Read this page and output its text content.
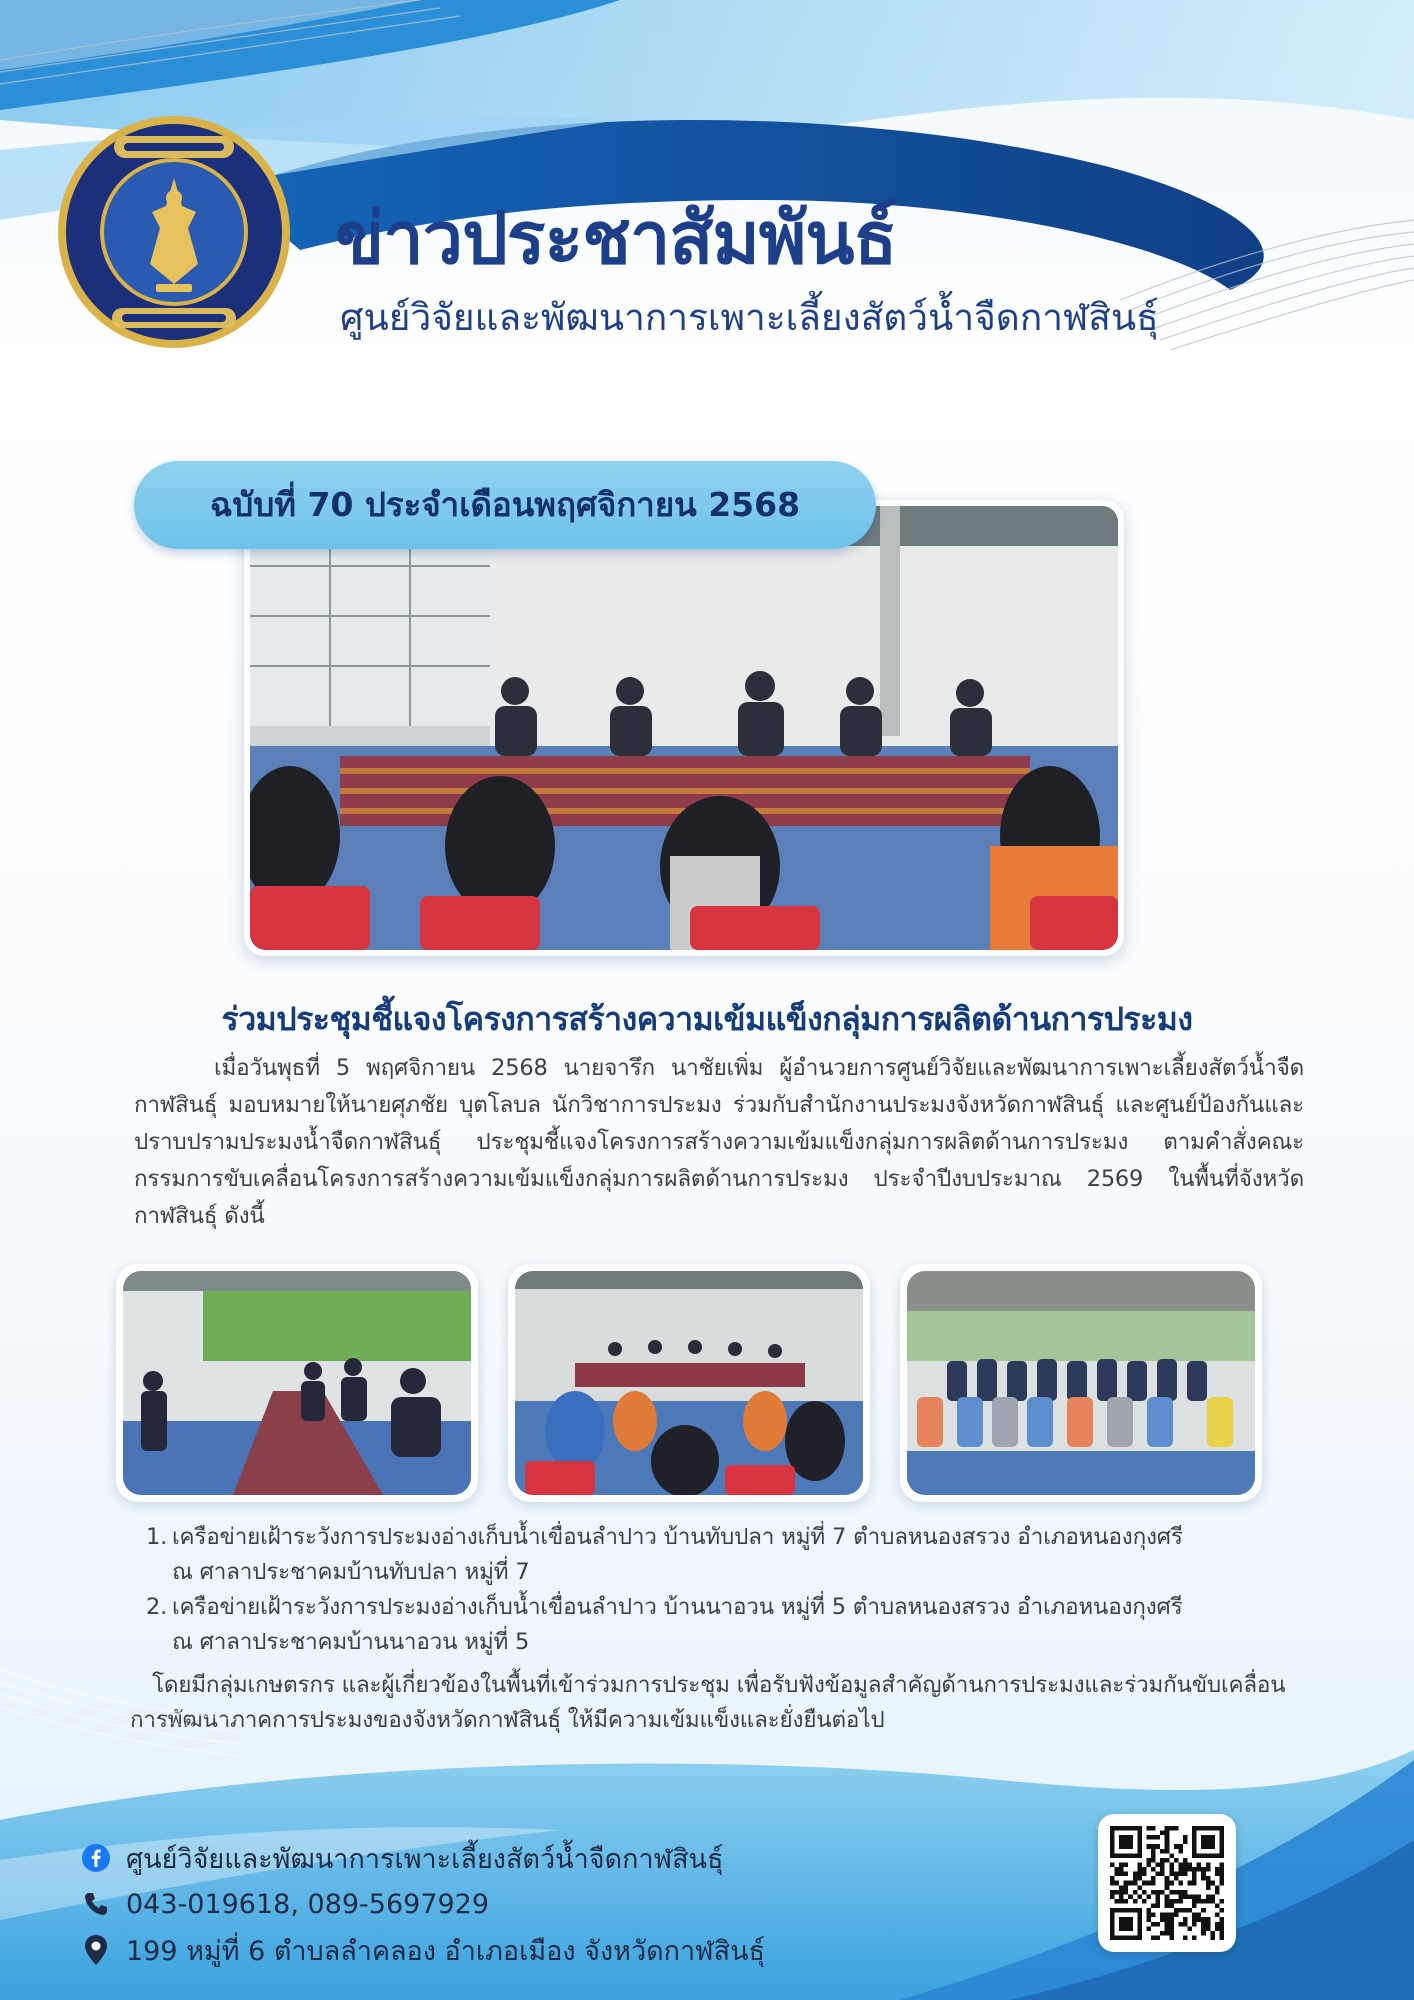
ข่าวประชาสัมพันธ์

ศูนย์วิจัยและพัฒนาการเพาะเลี้ยงสัตว์น้ำจืดกาฬสินธุ์

ฉบับที่ 70 ประจำเดือนพฤศจิกายน 2568
ร่วมประชุมชี้แจงโครงการสร้างความเข้มแข็งกลุ่มการผลิตด้านการประมง

เมื่อวันพุธที่ 5 พฤศจิกายน 2568 นายจารึก นาชัยเพิ่ม ผู้อำนวยการศูนย์วิจัยและพัฒนาการเพาะเลี้ยงสัตว์น้ำจืดกาฬสินธุ์ มอบหมายให้นายศุภชัย บุตโลบล นักวิชาการประมง ร่วมกับสำนักงานประมงจังหวัดกาฬสินธุ์ และศูนย์ป้องกันและปราบปรามประมงน้ำจืดกาฬสินธุ์ ประชุมชี้แจงโครงการสร้างความเข้มแข็งกลุ่มการผลิตด้านการประมง ตามคำสั่งคณะกรรมการขับเคลื่อนโครงการสร้างความเข้มแข็งกลุ่มการผลิตด้านการประมง ประจำปีงบประมาณ 2569 ในพื้นที่จังหวัดกาฬสินธุ์ ดังนี้

1. เครือข่ายเฝ้าระวังการประมงอ่างเก็บน้ำเขื่อนลำปาว บ้านทับปลา หมู่ที่ 7 ตำบลหนองสรวง อำเภอหนองกุงศรี
ณ ศาลาประชาคมบ้านทับปลา หมู่ที่ 7
2. เครือข่ายเฝ้าระวังการประมงอ่างเก็บน้ำเขื่อนลำปาว บ้านนาอวน หมู่ที่ 5 ตำบลหนองสรวง อำเภอหนองกุงศรี
ณ ศาลาประชาคมบ้านนาอวน หมู่ที่ 5

โดยมีกลุ่มเกษตรกร และผู้เกี่ยวข้องในพื้นที่เข้าร่วมการประชุม เพื่อรับฟังข้อมูลสำคัญด้านการประมงและร่วมกันขับเคลื่อนการพัฒนาภาคการประมงของจังหวัดกาฬสินธุ์ ให้มีความเข้มแข็งและยั่งยืนต่อไป

ศูนย์วิจัยและพัฒนาการเพาะเลี้ยงสัตว์น้ำจืดกาฬสินธุ์
043-019618, 089-5697929
199 หมู่ที่ 6 ตำบลลำคลอง อำเภอเมือง จังหวัดกาฬสินธุ์
